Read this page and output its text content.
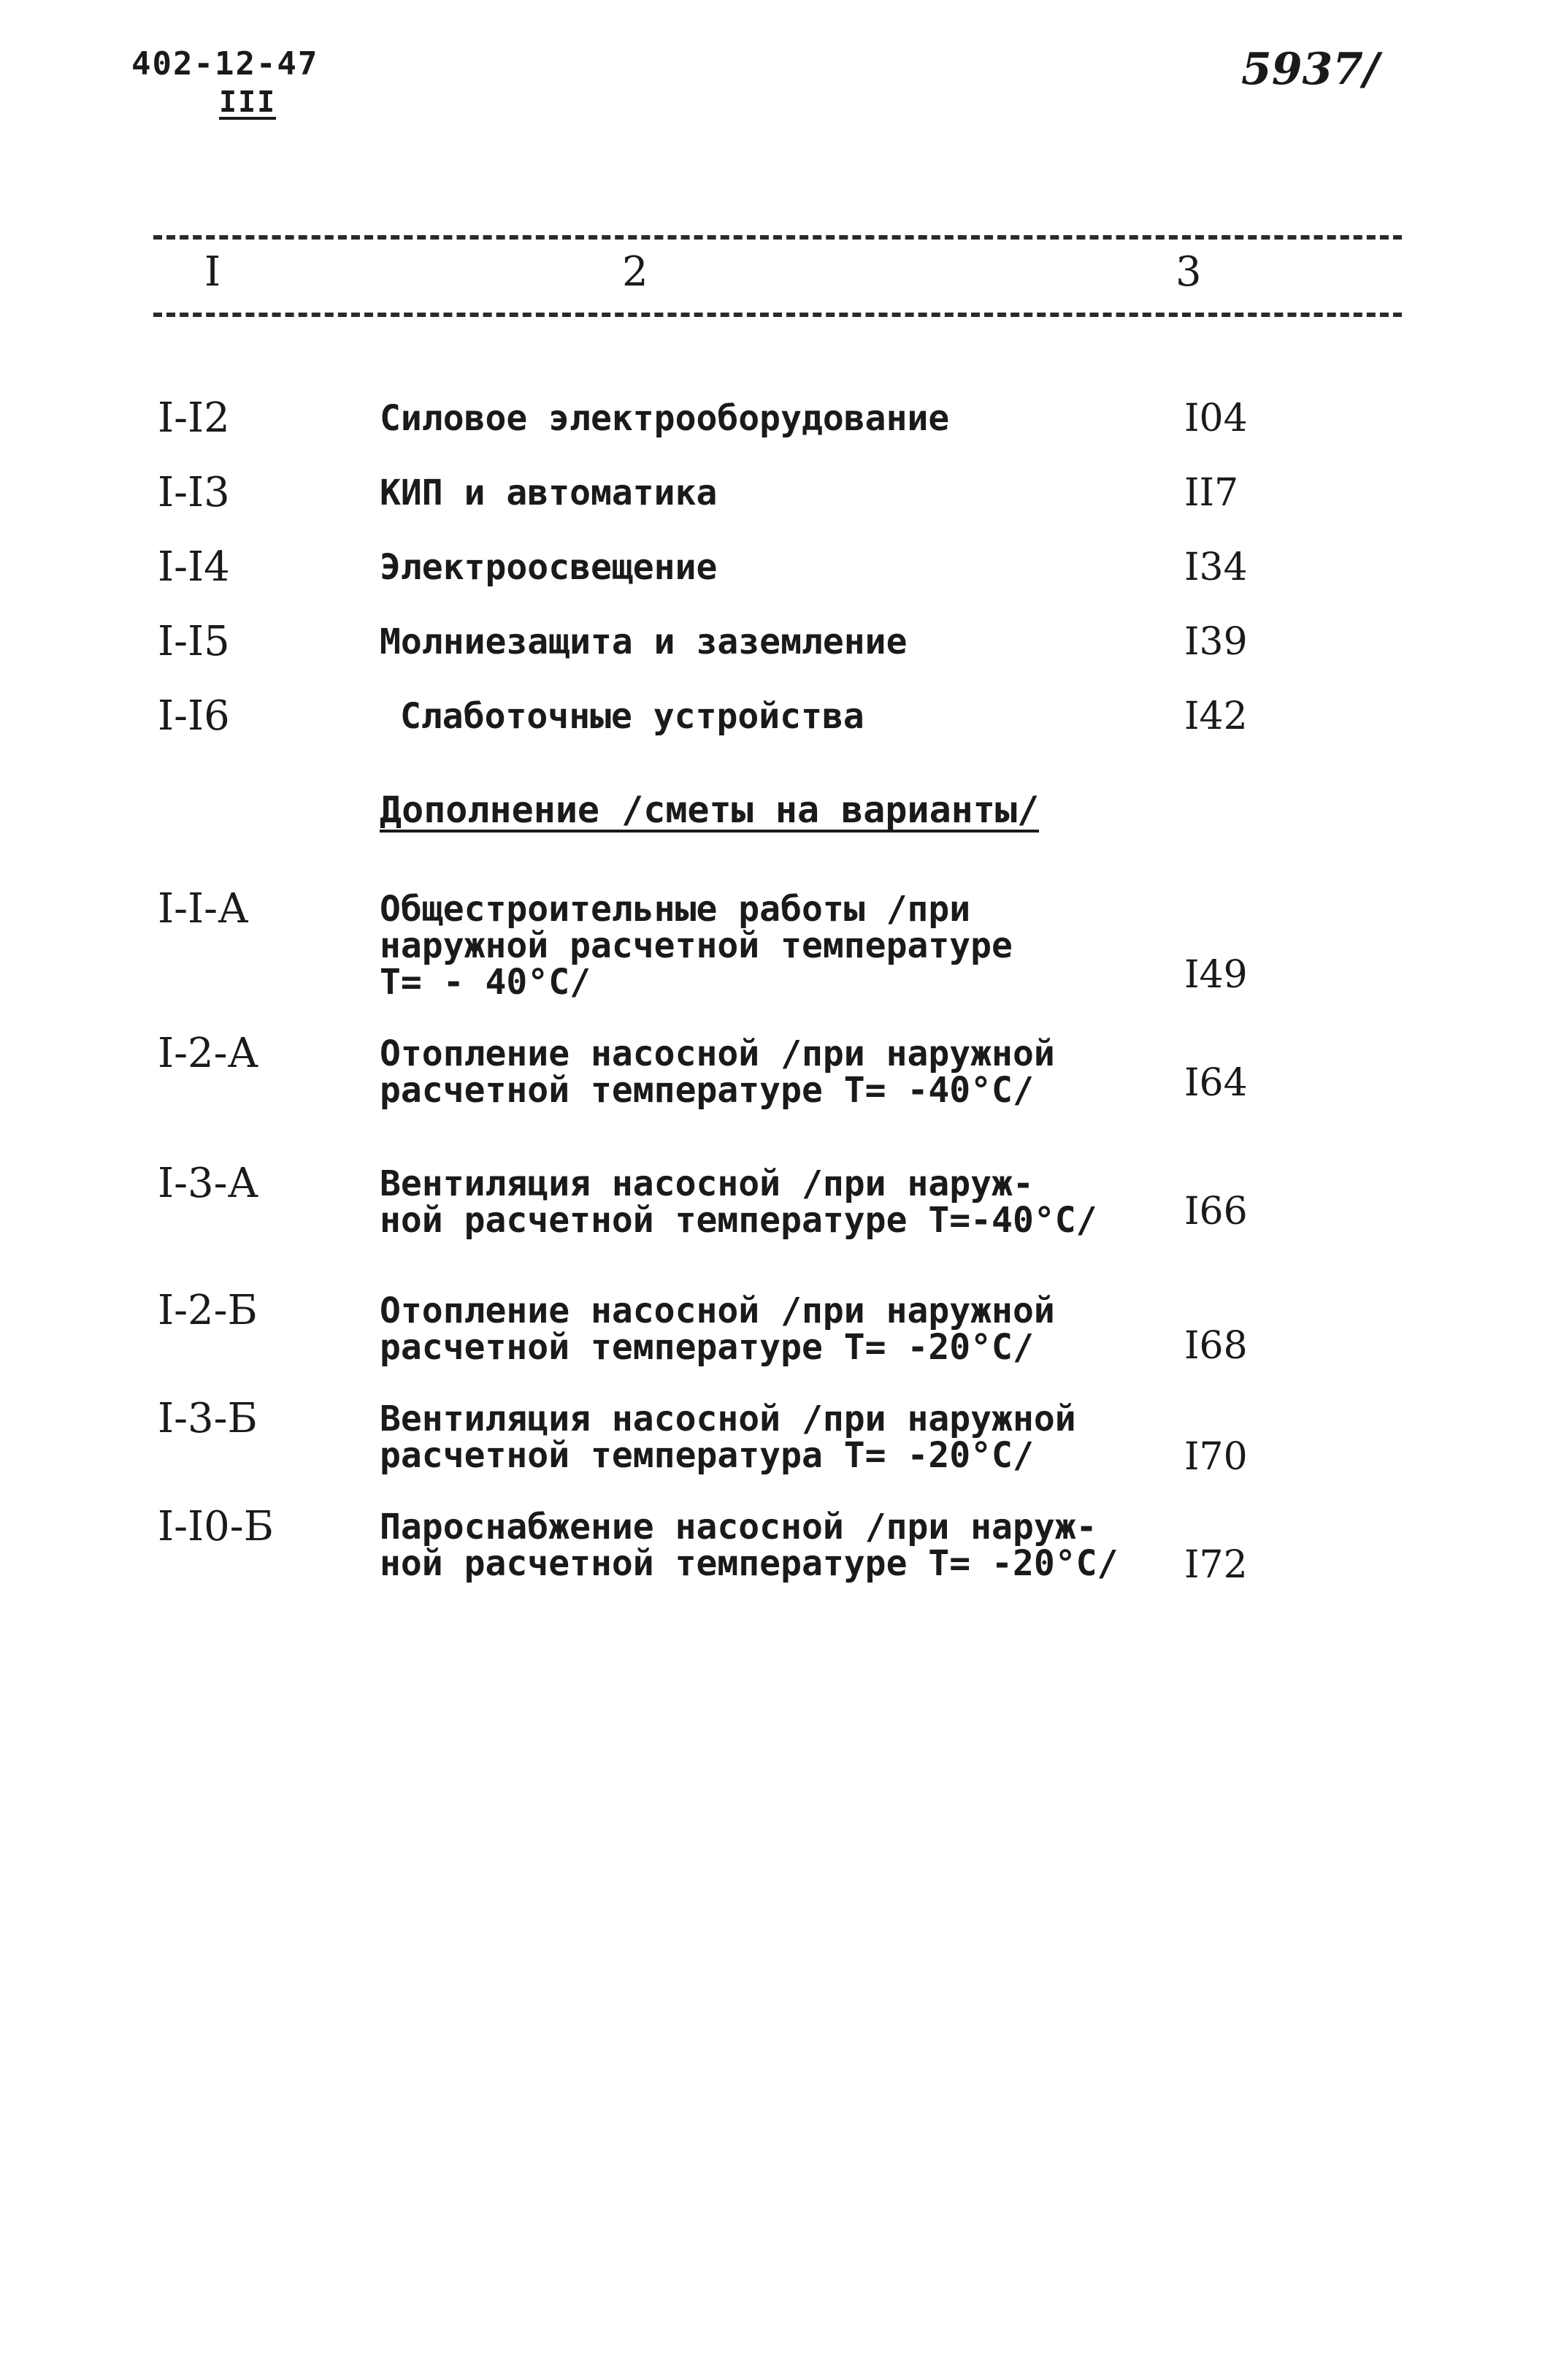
402-12-47
III
5937/
I	2	3
I-I2	Силовое электрооборудование	I04
I-I3	КИП и автоматика	II7
I-I4	Электроосвещение	I34
I-I5	Молниезащита и заземление	I39
I-I6	Слаботочные устройства	I42
Дополнение /сметы на варианты/
I-I-А	Общестроительные работы /при
наружной расчетной температуре
Т= - 40°С/	I49
I-2-А	Отопление насосной /при наружной
расчетной температуре Т= -40°С/	I64
I-3-А	Вентиляция насосной /при наруж-
ной расчетной температуре Т=-40°С/	I66
I-2-Б	Отопление насосной /при наружной
расчетной температуре Т= -20°С/	I68
I-3-Б	Вентиляция насосной /при наружной
расчетной температура Т= -20°С/	I70
I-I0-Б	Пароснабжение насосной /при наруж-
ной расчетной температуре Т= -20°С/	I72
